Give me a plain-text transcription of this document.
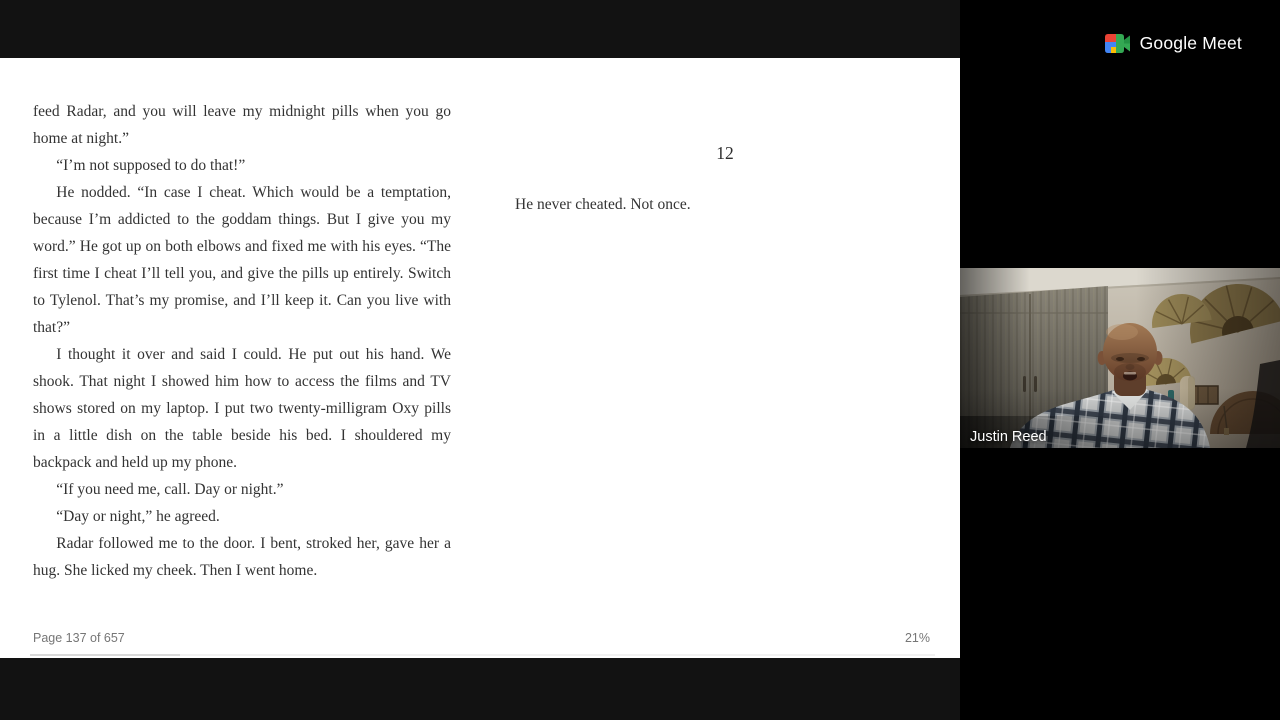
feed Radar, and you will leave my midnight pills when you go home at night.”

“I’m not supposed to do that!”

He nodded. “In case I cheat. Which would be a temptation, because I’m addicted to the goddam things. But I give you my word.” He got up on both elbows and fixed me with his eyes. “The first time I cheat I’ll tell you, and give the pills up entirely. Switch to Tylenol. That’s my promise, and I’ll keep it. Can you live with that?”

I thought it over and said I could. He put out his hand. We shook. That night I showed him how to access the films and TV shows stored on my laptop. I put two twenty-milligram Oxy pills in a little dish on the table beside his bed. I shouldered my backpack and held up my phone.

“If you need me, call. Day or night.”

“Day or night,” he agreed.

Radar followed me to the door. I bent, stroked her, gave her a hug. She licked my cheek. Then I went home.

12
He never cheated. Not once.
Page 137 of 657	21%
Google Meet
Justin Reed
